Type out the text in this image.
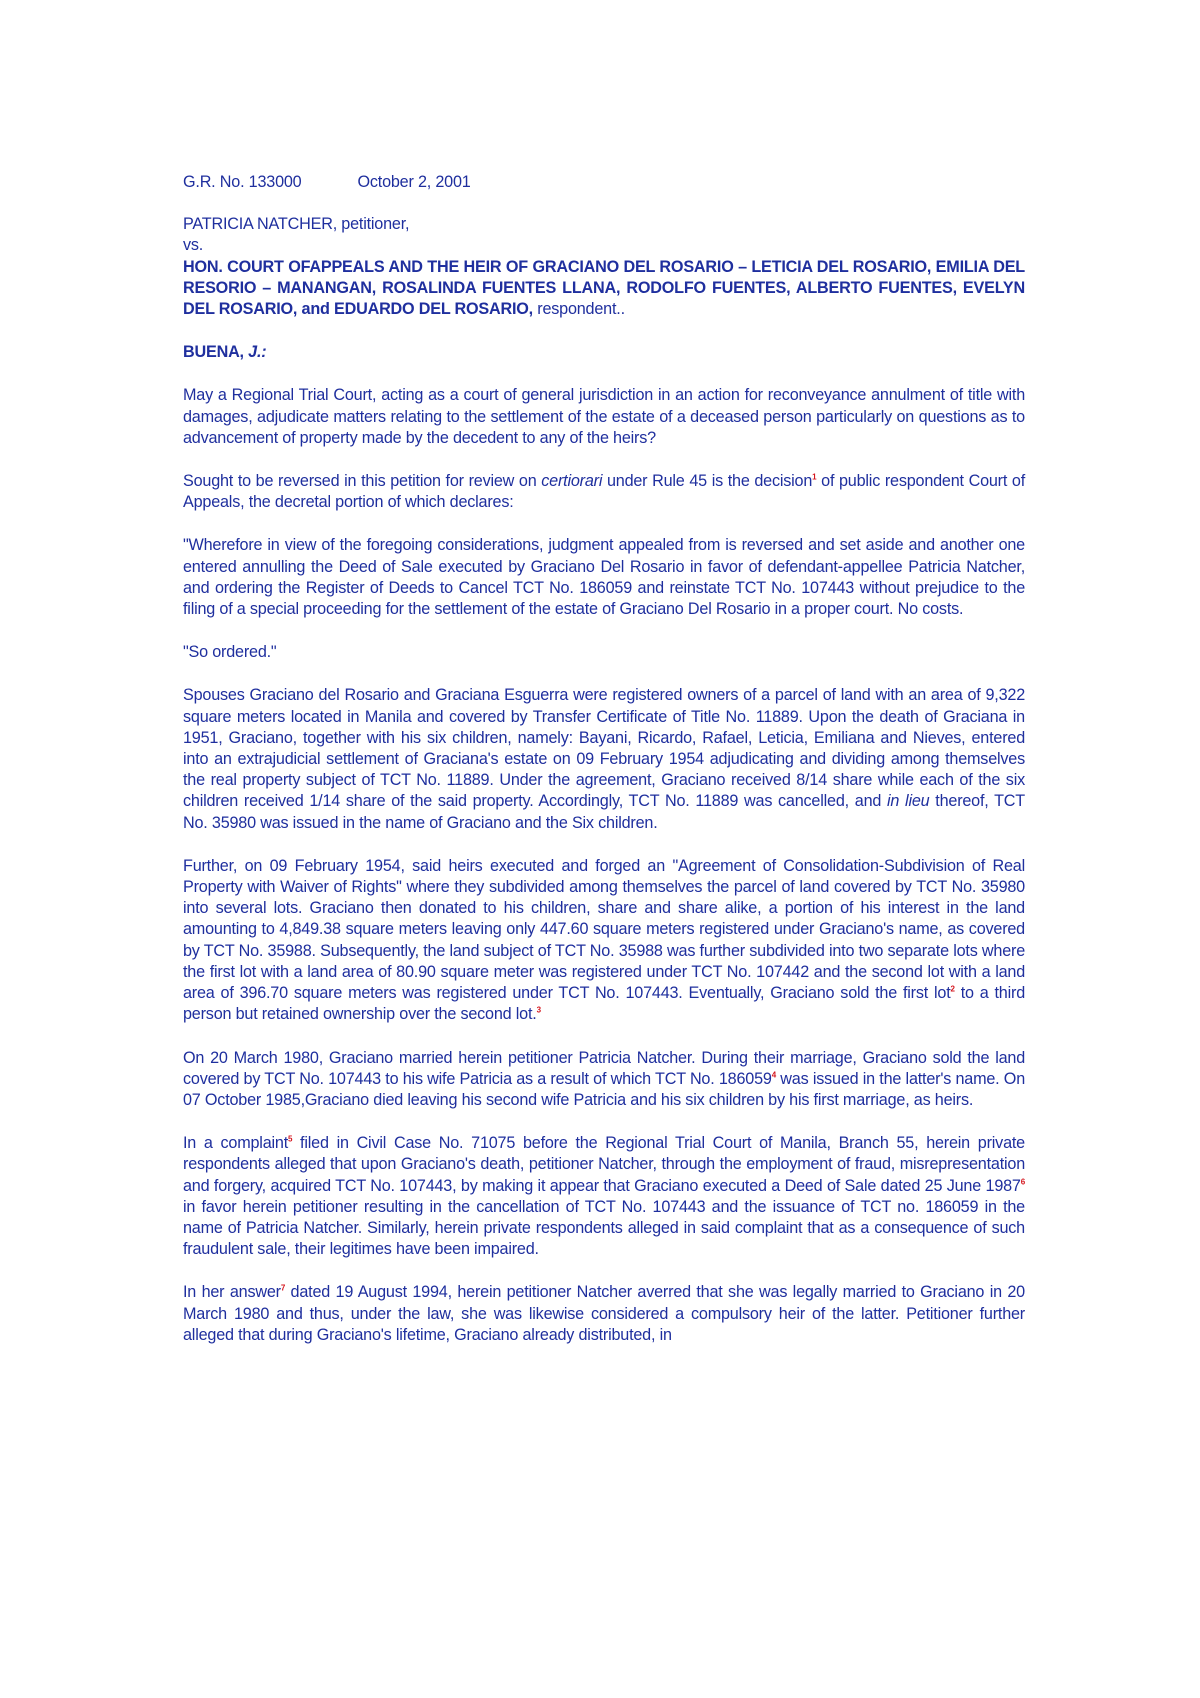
G.R. No. 133000	October 2, 2001

PATRICIA NATCHER, petitioner,

vs.

HON. COURT OFAPPEALS AND THE HEIR OF GRACIANO DEL ROSARIO – LETICIA DEL ROSARIO, EMILIA DEL RESORIO – MANANGAN, ROSALINDA FUENTES LLANA, RODOLFO FUENTES, ALBERTO FUENTES, EVELYN DEL ROSARIO, and EDUARDO DEL ROSARIO, respondent..

BUENA, J.:

May a Regional Trial Court, acting as a court of general jurisdiction in an action for reconveyance annulment of title with damages, adjudicate matters relating to the settlement of the estate of a deceased person particularly on questions as to advancement of property made by the decedent to any of the heirs?

Sought to be reversed in this petition for review on certiorari under Rule 45 is the decision$^1$ of public respondent Court of Appeals, the decretal portion of which declares:

"Wherefore in view of the foregoing considerations, judgment appealed from is reversed and set aside and another one entered annulling the Deed of Sale executed by Graciano Del Rosario in favor of defendant-appellee Patricia Natcher, and ordering the Register of Deeds to Cancel TCT No. 186059 and reinstate TCT No. 107443 without prejudice to the filing of a special proceeding for the settlement of the estate of Graciano Del Rosario in a proper court. No costs.

"So ordered."

Spouses Graciano del Rosario and Graciana Esguerra were registered owners of a parcel of land with an area of 9,322 square meters located in Manila and covered by Transfer Certificate of Title No. 11889. Upon the death of Graciana in 1951, Graciano, together with his six children, namely: Bayani, Ricardo, Rafael, Leticia, Emiliana and Nieves, entered into an extrajudicial settlement of Graciana's estate on 09 February 1954 adjudicating and dividing among themselves the real property subject of TCT No. 11889. Under the agreement, Graciano received 8/14 share while each of the six children received 1/14 share of the said property. Accordingly, TCT No. 11889 was cancelled, and in lieu thereof, TCT No. 35980 was issued in the name of Graciano and the Six children.

Further, on 09 February 1954, said heirs executed and forged an "Agreement of Consolidation-Subdivision of Real Property with Waiver of Rights" where they subdivided among themselves the parcel of land covered by TCT No. 35980 into several lots. Graciano then donated to his children, share and share alike, a portion of his interest in the land amounting to 4,849.38 square meters leaving only 447.60 square meters registered under Graciano's name, as covered by TCT No. 35988. Subsequently, the land subject of TCT No. 35988 was further subdivided into two separate lots where the first lot with a land area of 80.90 square meter was registered under TCT No. 107442 and the second lot with a land area of 396.70 square meters was registered under TCT No. 107443. Eventually, Graciano sold the first lot$^2$ to a third person but retained ownership over the second lot.$^3$

On 20 March 1980, Graciano married herein petitioner Patricia Natcher. During their marriage, Graciano sold the land covered by TCT No. 107443 to his wife Patricia as a result of which TCT No. 186059$^4$ was issued in the latter's name. On 07 October 1985,Graciano died leaving his second wife Patricia and his six children by his first marriage, as heirs.

In a complaint$^5$ filed in Civil Case No. 71075 before the Regional Trial Court of Manila, Branch 55, herein private respondents alleged that upon Graciano's death, petitioner Natcher, through the employment of fraud, misrepresentation and forgery, acquired TCT No. 107443, by making it appear that Graciano executed a Deed of Sale dated 25 June 1987$^6$ in favor herein petitioner resulting in the cancellation of TCT No. 107443 and the issuance of TCT no. 186059 in the name of Patricia Natcher. Similarly, herein private respondents alleged in said complaint that as a consequence of such fraudulent sale, their legitimes have been impaired.

In her answer$^7$ dated 19 August 1994, herein petitioner Natcher averred that she was legally married to Graciano in 20 March 1980 and thus, under the law, she was likewise considered a compulsory heir of the latter. Petitioner further alleged that during Graciano's lifetime, Graciano already distributed, in
